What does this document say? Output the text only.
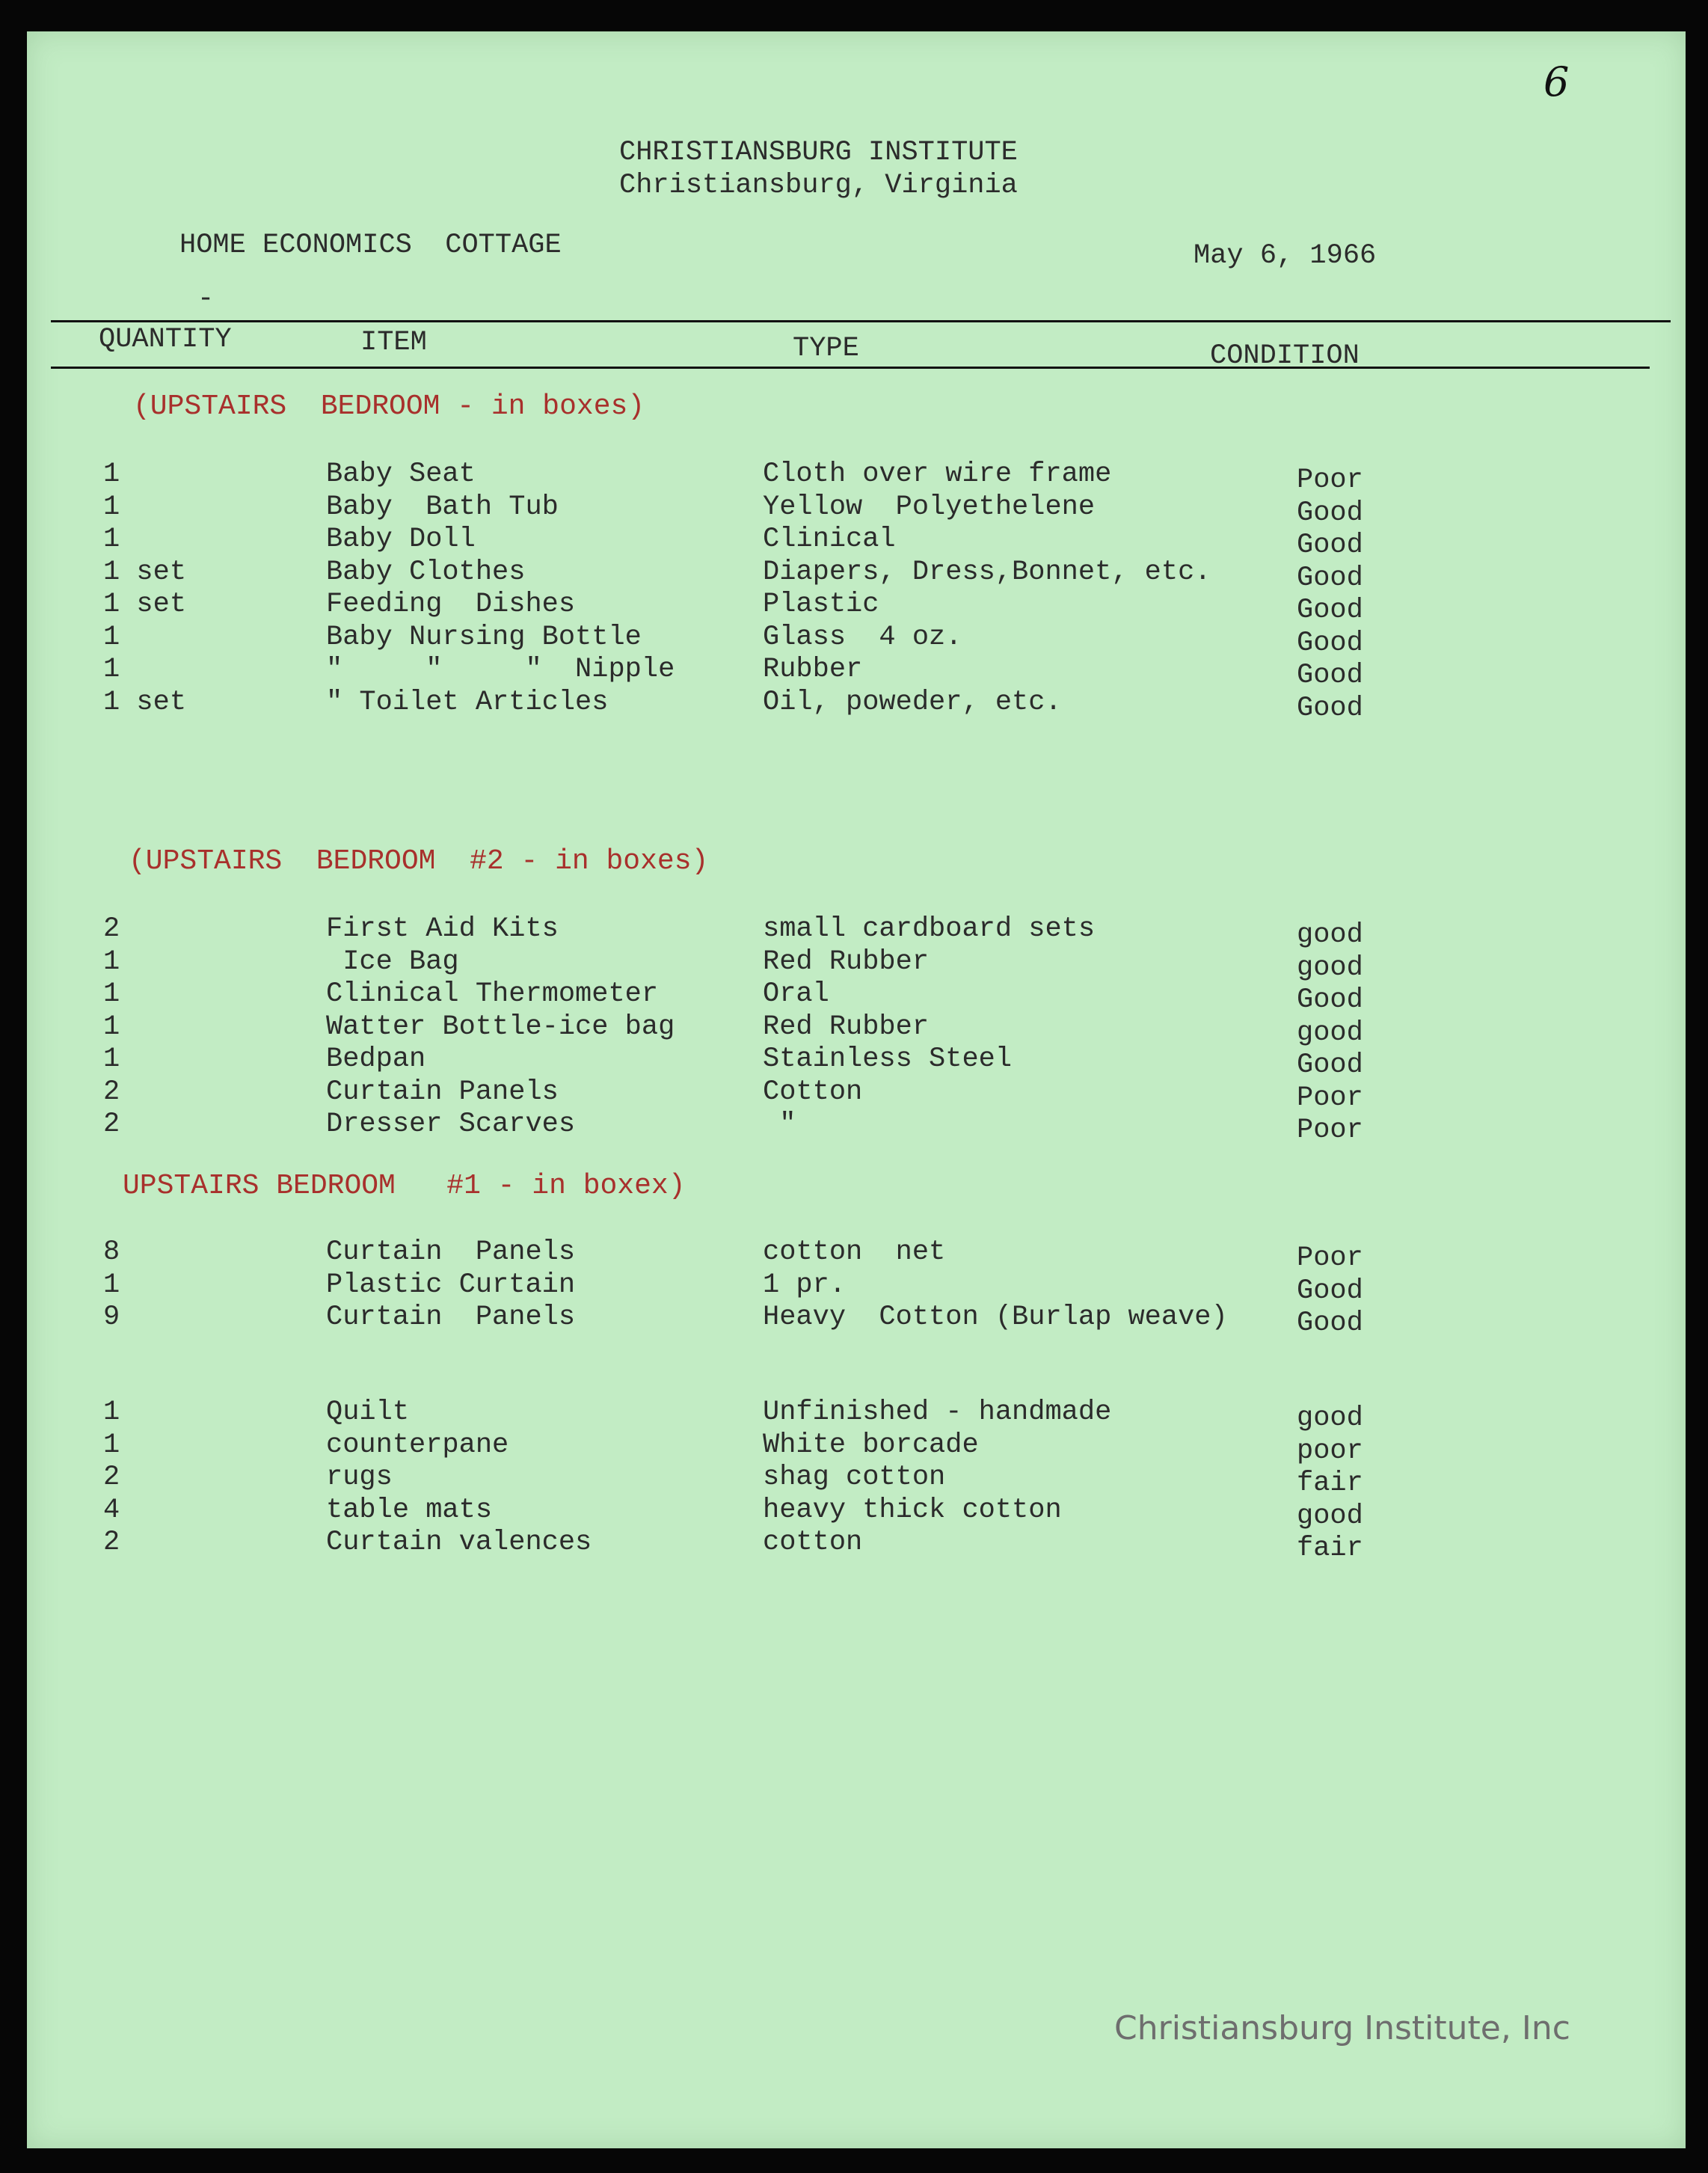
6
CHRISTIANSBURG INSTITUTE
Christiansburg, Virginia
HOME ECONOMICS  COTTAGE	May 6, 1966
-
QUANTITY	ITEM	TYPE	CONDITION
(UPSTAIRS  BEDROOM - in boxes)
1	Baby Seat	Cloth over wire frame	Poor
1	Baby  Bath Tub	Yellow  Polyethelene	Good
1	Baby Doll	Clinical	Good
1 set	Baby Clothes	Diapers, Dress,Bonnet, etc.	Good
1 set	Feeding  Dishes	Plastic	Good
1	Baby Nursing Bottle	Glass  4 oz.	Good
1	"     "     "  Nipple	Rubber	Good
1 set	" Toilet Articles	Oil, poweder, etc.	Good
(UPSTAIRS  BEDROOM  #2 - in boxes)
2	First Aid Kits	small cardboard sets	good
1	Ice Bag	Red Rubber	good
1	Clinical Thermometer	Oral	Good
1	Watter Bottle-ice bag	Red Rubber	good
1	Bedpan	Stainless Steel	Good
2	Curtain Panels	Cotton	Poor
2	Dresser Scarves	"	Poor
UPSTAIRS BEDROOM   #1 - in boxex)
8	Curtain  Panels	cotton  net	Poor
1	Plastic Curtain	1 pr.	Good
9	Curtain  Panels	Heavy  Cotton (Burlap weave) Good
1	Quilt	Unfinished - handmade	good
1	counterpane	White borcade	poor
2	rugs	shag cotton	fair
4	table mats	heavy thick cotton	good
2	Curtain valences	cotton	fair
Christiansburg Institute, Inc
